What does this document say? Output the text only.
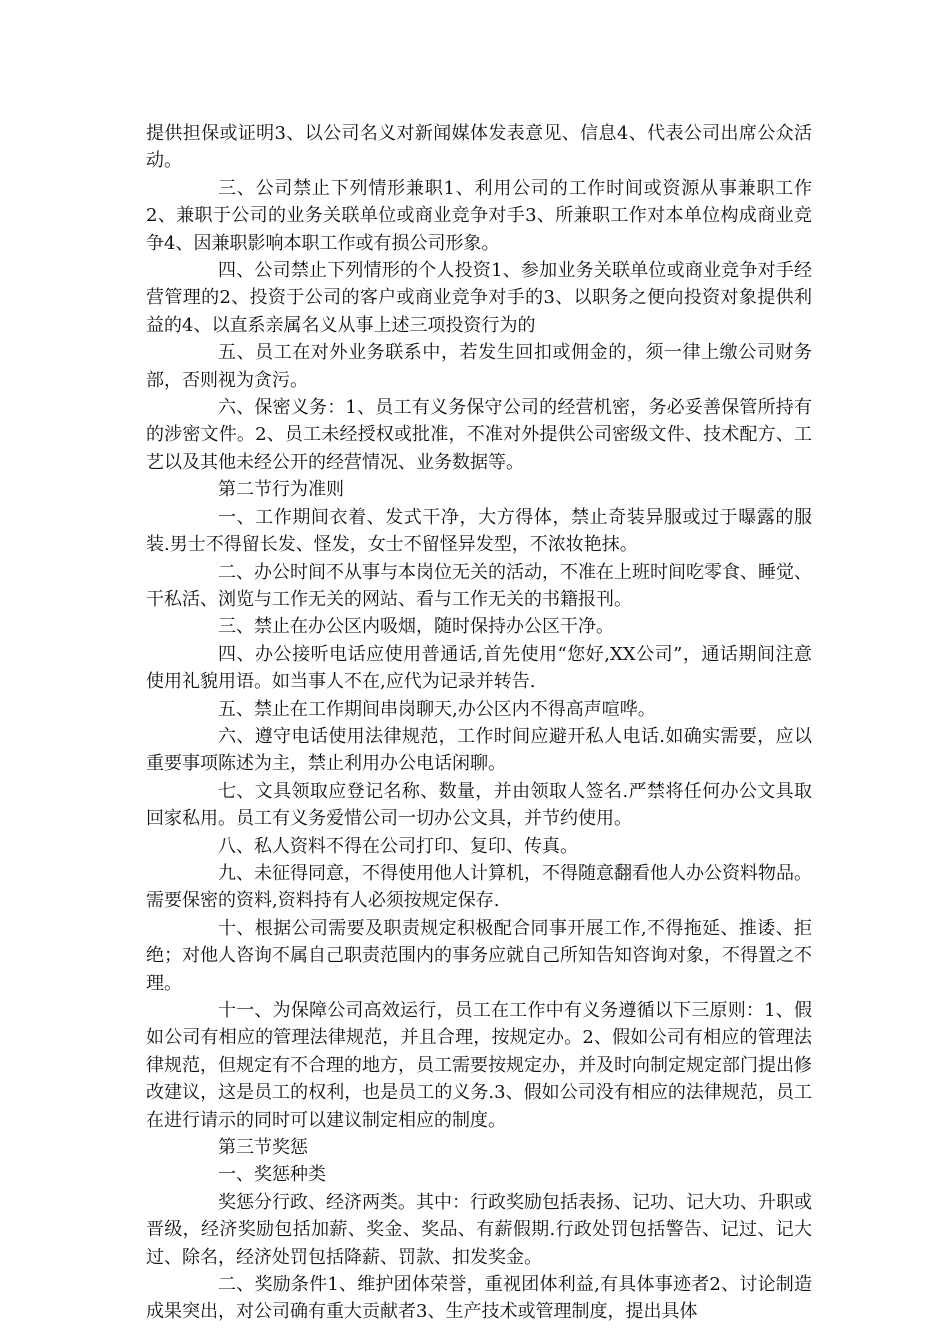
提供担保或证明3、以公司名义对新闻媒体发表意见、信息4、代表公司出席公众活动。

三、公司禁止下列情形兼职1、利用公司的工作时间或资源从事兼职工作2、兼职于公司的业务关联单位或商业竞争对手3、所兼职工作对本单位构成商业竞争4、因兼职影响本职工作或有损公司形象。

四、公司禁止下列情形的个人投资1、参加业务关联单位或商业竞争对手经营管理的2、投资于公司的客户或商业竞争对手的3、以职务之便向投资对象提供利益的4、以直系亲属名义从事上述三项投资行为的

五、员工在对外业务联系中，若发生回扣或佣金的，须一律上缴公司财务部，否则视为贪污。

六、保密义务：1、员工有义务保守公司的经营机密，务必妥善保管所持有的涉密文件。2、员工未经授权或批准，不准对外提供公司密级文件、技术配方、工艺以及其他未经公开的经营情况、业务数据等。

第二节行为准则

一、工作期间衣着、发式干净，大方得体，禁止奇装异服或过于曝露的服装.男士不得留长发、怪发，女士不留怪异发型，不浓妆艳抹。

二、办公时间不从事与本岗位无关的活动，不准在上班时间吃零食、睡觉、干私活、浏览与工作无关的网站、看与工作无关的书籍报刊。

三、禁止在办公区内吸烟，随时保持办公区干净。

四、办公接听电话应使用普通话,首先使用“您好,XX公司”，通话期间注意使用礼貌用语。如当事人不在,应代为记录并转告.

五、禁止在工作期间串岗聊天,办公区内不得高声喧哗。

六、遵守电话使用法律规范，工作时间应避开私人电话.如确实需要，应以重要事项陈述为主，禁止利用办公电话闲聊。

七、文具领取应登记名称、数量，并由领取人签名.严禁将任何办公文具取回家私用。员工有义务爱惜公司一切办公文具，并节约使用。

八、私人资料不得在公司打印、复印、传真。

九、未征得同意，不得使用他人计算机，不得随意翻看他人办公资料物品。需要保密的资料,资料持有人必须按规定保存.

十、根据公司需要及职责规定积极配合同事开展工作,不得拖延、推诿、拒绝；对他人咨询不属自己职责范围内的事务应就自己所知告知咨询对象，不得置之不理。

十一、为保障公司高效运行，员工在工作中有义务遵循以下三原则：1、假如公司有相应的管理法律规范，并且合理，按规定办。2、假如公司有相应的管理法律规范，但规定有不合理的地方，员工需要按规定办，并及时向制定规定部门提出修改建议，这是员工的权利，也是员工的义务.3、假如公司没有相应的法律规范，员工在进行请示的同时可以建议制定相应的制度。

第三节奖惩

一、奖惩种类

奖惩分行政、经济两类。其中：行政奖励包括表扬、记功、记大功、升职或晋级，经济奖励包括加薪、奖金、奖品、有薪假期.行政处罚包括警告、记过、记大过、除名，经济处罚包括降薪、罚款、扣发奖金。

二、奖励条件1、维护团体荣誉，重视团体利益,有具体事迹者2、讨论制造成果突出，对公司确有重大贡献者3、生产技术或管理制度，提出具体
